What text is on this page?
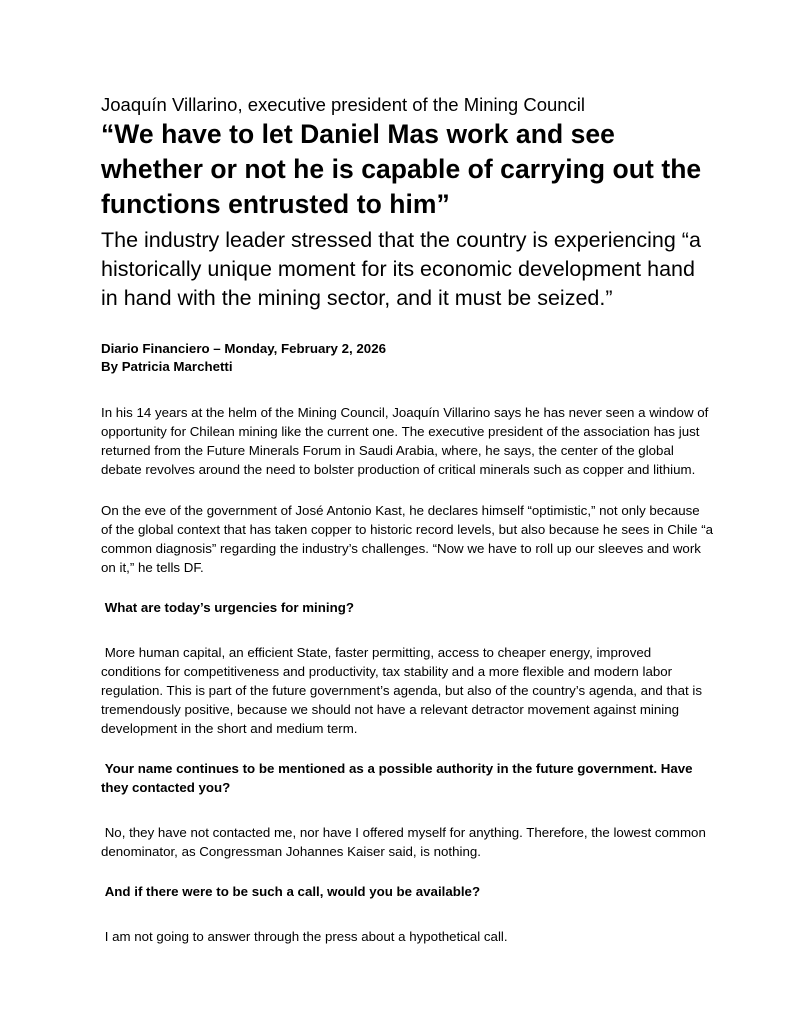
Joaquín Villarino, executive president of the Mining Council

“We have to let Daniel Mas work and see whether or not he is capable of carrying out the functions entrusted to him”

The industry leader stressed that the country is experiencing “a historically unique moment for its economic development hand in hand with the mining sector, and it must be seized.”

Diario Financiero – Monday, February 2, 2026
By Patricia Marchetti

In his 14 years at the helm of the Mining Council, Joaquín Villarino says he has never seen a window of opportunity for Chilean mining like the current one. The executive president of the association has just returned from the Future Minerals Forum in Saudi Arabia, where, he says, the center of the global debate revolves around the need to bolster production of critical minerals such as copper and lithium.

On the eve of the government of José Antonio Kast, he declares himself “optimistic,” not only because of the global context that has taken copper to historic record levels, but also because he sees in Chile “a common diagnosis” regarding the industry’s challenges. “Now we have to roll up our sleeves and work on it,” he tells DF.

What are today’s urgencies for mining?

More human capital, an efficient State, faster permitting, access to cheaper energy, improved conditions for competitiveness and productivity, tax stability and a more flexible and modern labor regulation. This is part of the future government’s agenda, but also of the country’s agenda, and that is tremendously positive, because we should not have a relevant detractor movement against mining development in the short and medium term.

Your name continues to be mentioned as a possible authority in the future government. Have they contacted you?

No, they have not contacted me, nor have I offered myself for anything. Therefore, the lowest common denominator, as Congressman Johannes Kaiser said, is nothing.

And if there were to be such a call, would you be available?

I am not going to answer through the press about a hypothetical call.
